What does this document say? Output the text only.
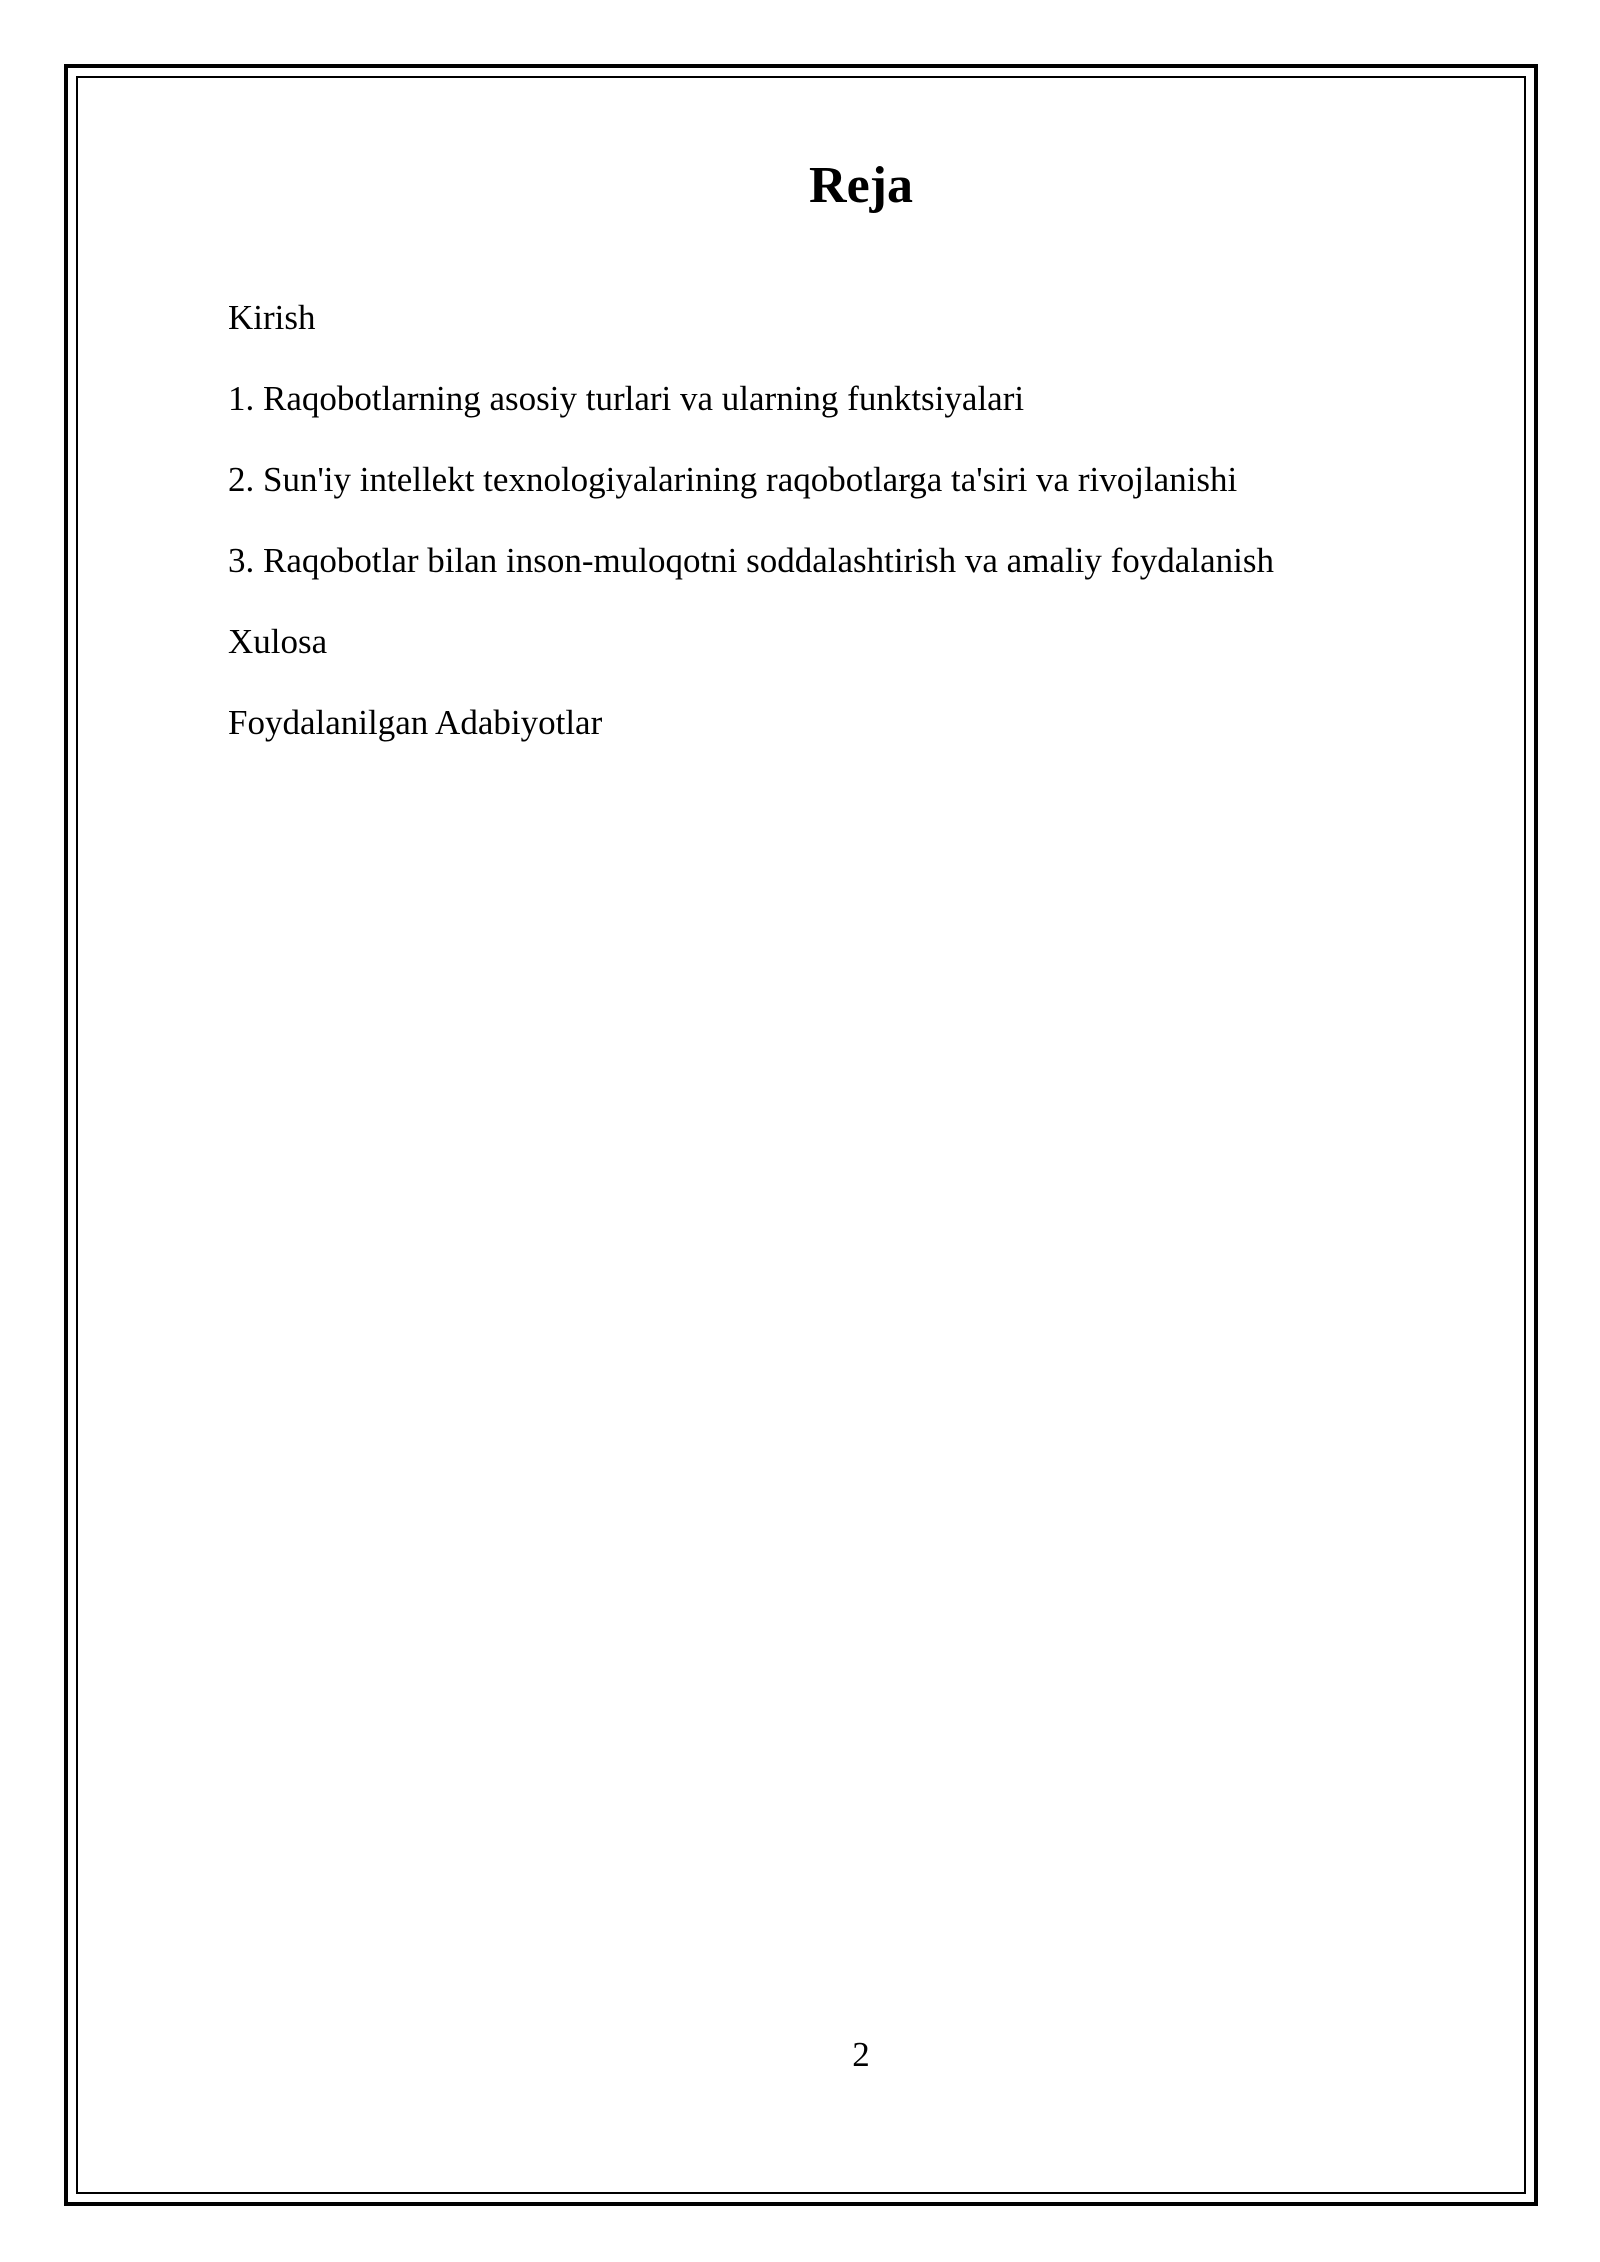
Reja
Kirish
1. Raqobotlarning asosiy turlari va ularning funktsiyalari
2. Sun'iy intellekt texnologiyalarining raqobotlarga ta'siri va rivojlanishi
3. Raqobotlar bilan inson-muloqotni soddalashtirish va amaliy foydalanish
Xulosa
Foydalanilgan Adabiyotlar

2
